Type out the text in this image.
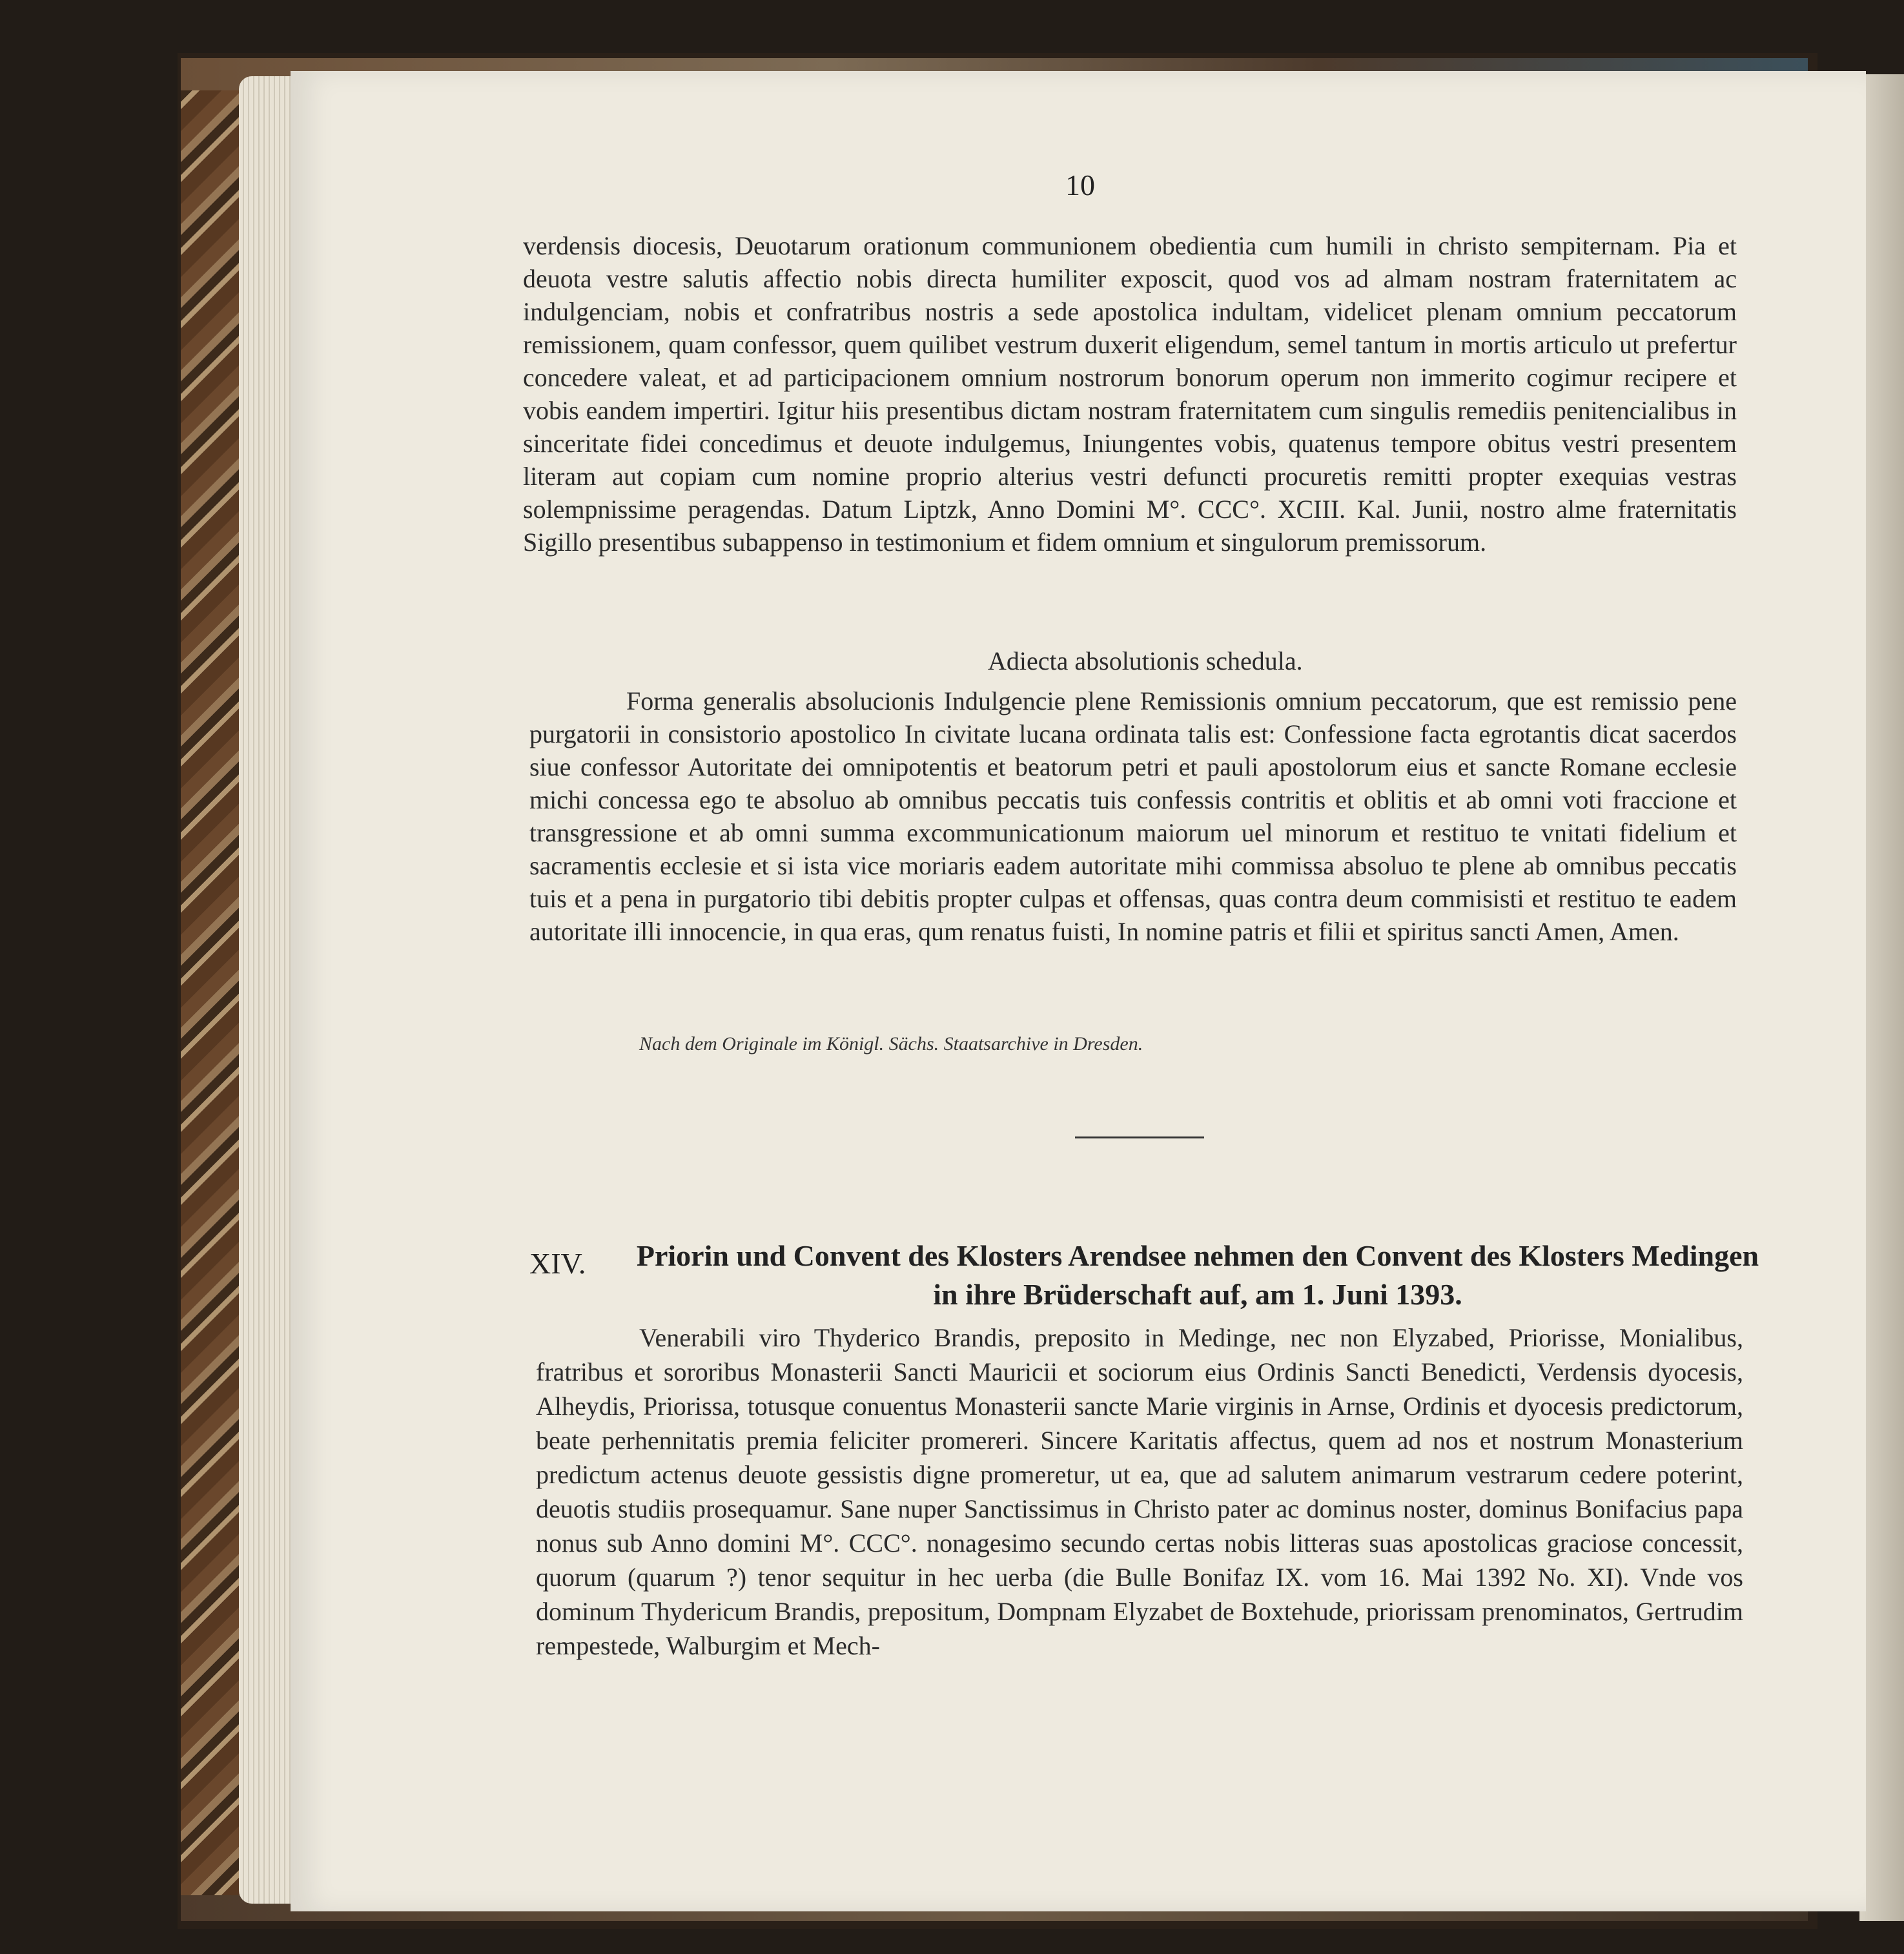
10

verdensis diocesis, Deuotarum orationum communionem obedientia cum humili in christo sempiternam. Pia et deuota vestre salutis affectio nobis directa humiliter exposcit, quod vos ad almam nostram fraternitatem ac indulgenciam, nobis et confratribus nostris a sede apostolica indultam, videlicet plenam omnium peccatorum remissionem, quam confessor, quem quilibet vestrum duxerit eligendum, semel tantum in mortis articulo ut prefertur concedere valeat, et ad participacionem omnium nostrorum bonorum operum non immerito cogimur recipere et vobis eandem impertiri. Igitur hiis presentibus dictam nostram fraternitatem cum singulis remediis penitencialibus in sinceritate fidei concedimus et deuote indulgemus, Iniungentes vobis, quatenus tempore obitus vestri presentem literam aut copiam cum nomine proprio alterius vestri defuncti procuretis remitti propter exequias vestras solempnissime peragendas. Datum Liptzk, Anno Domini M°. CCC°. XCIII. Kal. Junii, nostro alme fraternitatis Sigillo presentibus subappenso in testimonium et fidem omnium et singulorum premissorum.

Adiecta absolutionis schedula.

Forma generalis absolucionis Indulgencie plene Remissionis omnium peccatorum, que est remissio pene purgatorii in consistorio apostolico In civitate lucana ordinata talis est: Confessione facta egrotantis dicat sacerdos siue confessor Autoritate dei omnipotentis et beatorum petri et pauli apostolorum eius et sancte Romane ecclesie michi concessa ego te absoluo ab omnibus peccatis tuis confessis contritis et oblitis et ab omni voti fraccione et transgressione et ab omni summa excommunicationum maiorum uel minorum et restituo te vnitati fidelium et sacramentis ecclesie et si ista vice moriaris eadem autoritate mihi commissa absoluo te plene ab omnibus peccatis tuis et a pena in purgatorio tibi debitis propter culpas et offensas, quas contra deum commisisti et restituo te eadem autoritate illi innocencie, in qua eras, qum renatus fuisti, In nomine patris et filii et spiritus sancti Amen, Amen.

Nach dem Originale im Königl. Sächs. Staatsarchive in Dresden.
XIV.	Priorin und Convent des Klosters Arendsee nehmen den Convent des Klosters Medingen
in ihre Brüderschaft auf, am 1. Juni 1393.

Venerabili viro Thyderico Brandis, preposito in Medinge, nec non Elyzabed, Priorisse, Monialibus, fratribus et sororibus Monasterii Sancti Mauricii et sociorum eius Ordinis Sancti Benedicti, Verdensis dyocesis, Alheydis, Priorissa, totusque conuentus Monasterii sancte Marie virginis in Arnse, Ordinis et dyocesis predictorum, beate perhennitatis premia feliciter promereri. Sincere Karitatis affectus, quem ad nos et nostrum Monasterium predictum actenus deuote gessistis digne promeretur, ut ea, que ad salutem animarum vestrarum cedere poterint, deuotis studiis prosequamur. Sane nuper Sanctissimus in Christo pater ac dominus noster, dominus Bonifacius papa nonus sub Anno domini M°. CCC°. nonagesimo secundo certas nobis litteras suas apostolicas graciose concessit, quorum (quarum ?) tenor sequitur in hec uerba (die Bulle Bonifaz IX. vom 16. Mai 1392 No. XI). Vnde vos dominum Thydericum Brandis, prepositum, Dompnam Elyzabet de Boxtehude, priorissam prenominatos, Gertrudim rempestede, Walburgim et Mech-
